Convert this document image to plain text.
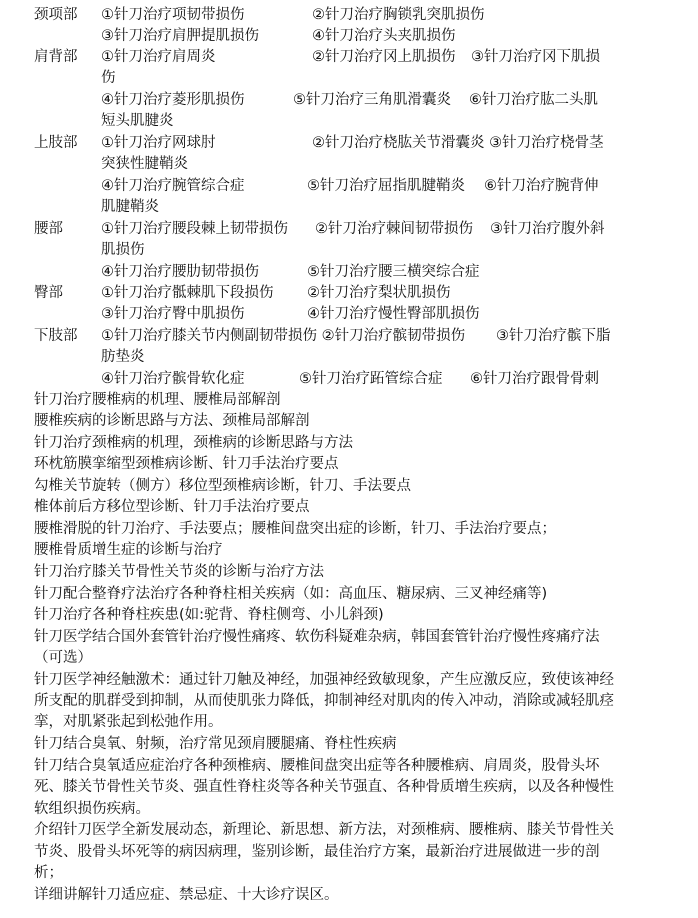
颈项部 ①针刀治疗项韧带损伤	②针刀治疗胸锁乳突肌损伤
③针刀治疗肩胛提肌损伤	④针刀治疗头夹肌损伤
肩背部 ①针刀治疗肩周炎	②针刀治疗冈上肌损伤 ③针刀治疗冈下肌损
伤
④针刀治疗菱形肌损伤	⑤针刀治疗三角肌滑囊炎 ⑥针刀治疗肱二头肌
短头肌腱炎
上肢部 ①针刀治疗网球肘	②针刀治疗桡肱关节滑囊炎 ③针刀治疗桡骨茎
突狭性腱鞘炎
④针刀治疗腕管综合症	⑤针刀治疗屈指肌腱鞘炎 ⑥针刀治疗腕背伸
肌腱鞘炎
腰部	①针刀治疗腰段棘上韧带损伤 ②针刀治疗棘间韧带损伤 ③针刀治疗腹外斜
肌损伤
④针刀治疗腰肋韧带损伤	⑤针刀治疗腰三横突综合症
臀部	①针刀治疗骶棘肌下段损伤 ②针刀治疗梨状肌损伤
③针刀治疗臀中肌损伤	④针刀治疗慢性臀部肌损伤
下肢部 ①针刀治疗膝关节内侧副韧带损伤 ②针刀治疗髌韧带损伤 ③针刀治疗髌下脂
肪垫炎
④针刀治疗髌骨软化症	⑤针刀治疗跖管综合症 ⑥针刀治疗跟骨骨刺
针刀治疗腰椎病的机理、腰椎局部解剖
腰椎疾病的诊断思路与方法、颈椎局部解剖
针刀治疗颈椎病的机理，颈椎病的诊断思路与方法
环枕筋膜挛缩型颈椎病诊断、针刀手法治疗要点
勾椎关节旋转（侧方）移位型颈椎病诊断，针刀、手法要点
椎体前后方移位型诊断、针刀手法治疗要点
腰椎滑脱的针刀治疗、手法要点；腰椎间盘突出症的诊断，针刀、手法治疗要点；
腰椎骨质增生症的诊断与治疗
针刀治疗膝关节骨性关节炎的诊断与治疗方法
针刀配合整脊疗法治疗各种脊柱相关疾病（如：高血压、糖尿病、三叉神经痛等)
针刀治疗各种脊柱疾患(如:驼背、脊柱侧弯、小儿斜颈)
针刀医学结合国外套管针治疗慢性痛疼、软伤科疑难杂病，韩国套管针治疗慢性疼痛疗法
（可选）
针刀医学神经触激术：通过针刀触及神经，加强神经致敏现象，产生应激反应，致使该神经
所支配的肌群受到抑制，从而使肌张力降低，抑制神经对肌肉的传入冲动，消除或减轻肌痉
挛，对肌紧张起到松弛作用。
针刀结合臭氧、射频，治疗常见颈肩腰腿痛、脊柱性疾病
针刀结合臭氧适应症治疗各种颈椎病、腰椎间盘突出症等各种腰椎病、肩周炎，股骨头坏
死、膝关节骨性关节炎、强直性脊柱炎等各种关节强直、各种骨质增生疾病，以及各种慢性
软组织损伤疾病。
介绍针刀医学全新发展动态，新理论、新思想、新方法，对颈椎病、腰椎病、膝关节骨性关
节炎、股骨头坏死等的病因病理，鉴别诊断，最佳治疗方案，最新治疗进展做进一步的剖
析；
详细讲解针刀适应症、禁忌症、十大诊疗误区。
